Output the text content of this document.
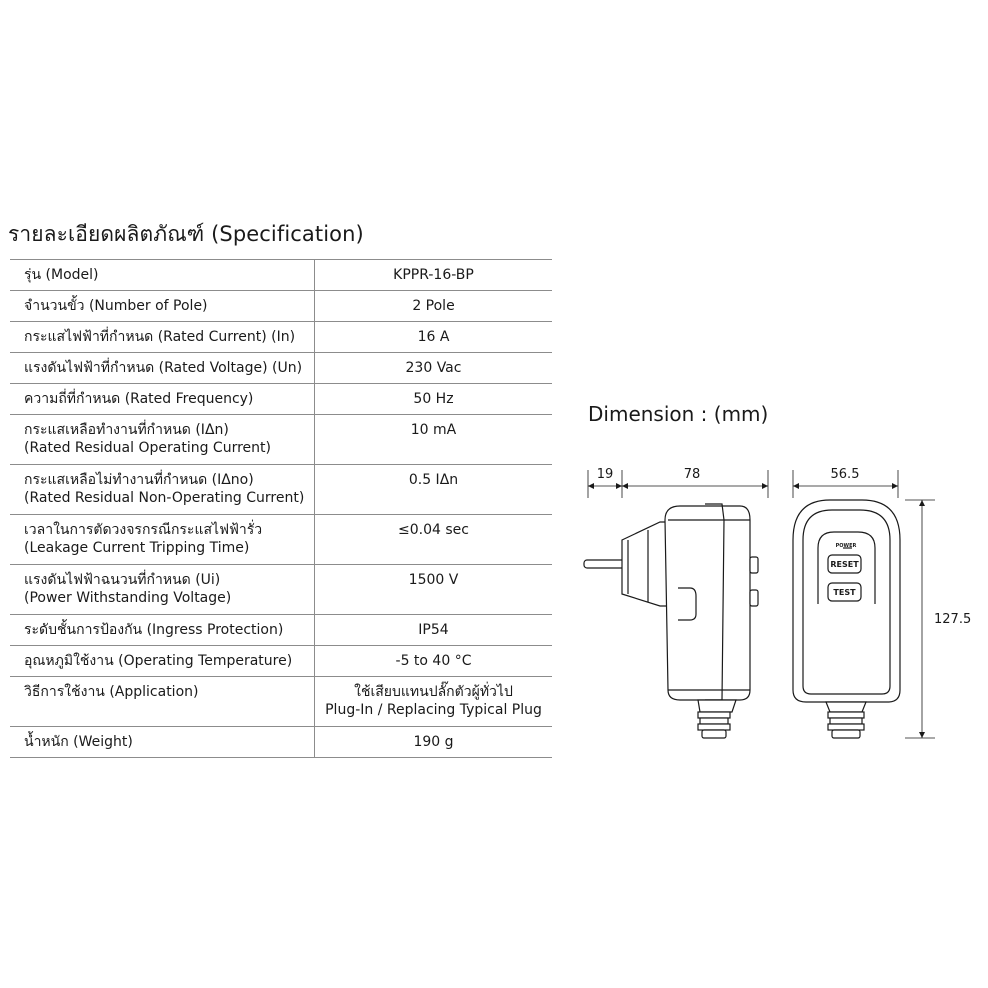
รายละเอียดผลิตภัณฑ์ (Specification)
รุ่น (Model)	KPPR-16-BP

จำนวนขั้ว (Number of Pole)	2 Pole

กระแสไฟฟ้าที่กำหนด (Rated Current) (In)	16 A

แรงดันไฟฟ้าที่กำหนด (Rated Voltage) (Un)	230 Vac

ความถี่ที่กำหนด (Rated Frequency)	50 Hz

กระแสเหลือทำงานที่กำหนด (IΔn)
(Rated Residual Operating Current)	10 mA

กระแสเหลือไม่ทำงานที่กำหนด (IΔno)
(Rated Residual Non-Operating Current)	0.5 IΔn

เวลาในการตัดวงจรกรณีกระแสไฟฟ้ารั่ว
(Leakage Current Tripping Time)	≤0.04 sec

แรงดันไฟฟ้าฉนวนที่กำหนด (Ui)
(Power Withstanding Voltage)	1500 V

ระดับชั้นการป้องกัน (Ingress Protection)	IP54

อุณหภูมิใช้งาน (Operating Temperature)	-5 to 40 °C

วิธีการใช้งาน (Application)	ใช้เสียบแทนปลั๊กตัวผู้ทั่วไป
Plug-In / Replacing Typical Plug

น้ำหนัก (Weight)	190 g
Dimension : (mm)
19	78	56.5
127.5
POWER
RESET
TEST
